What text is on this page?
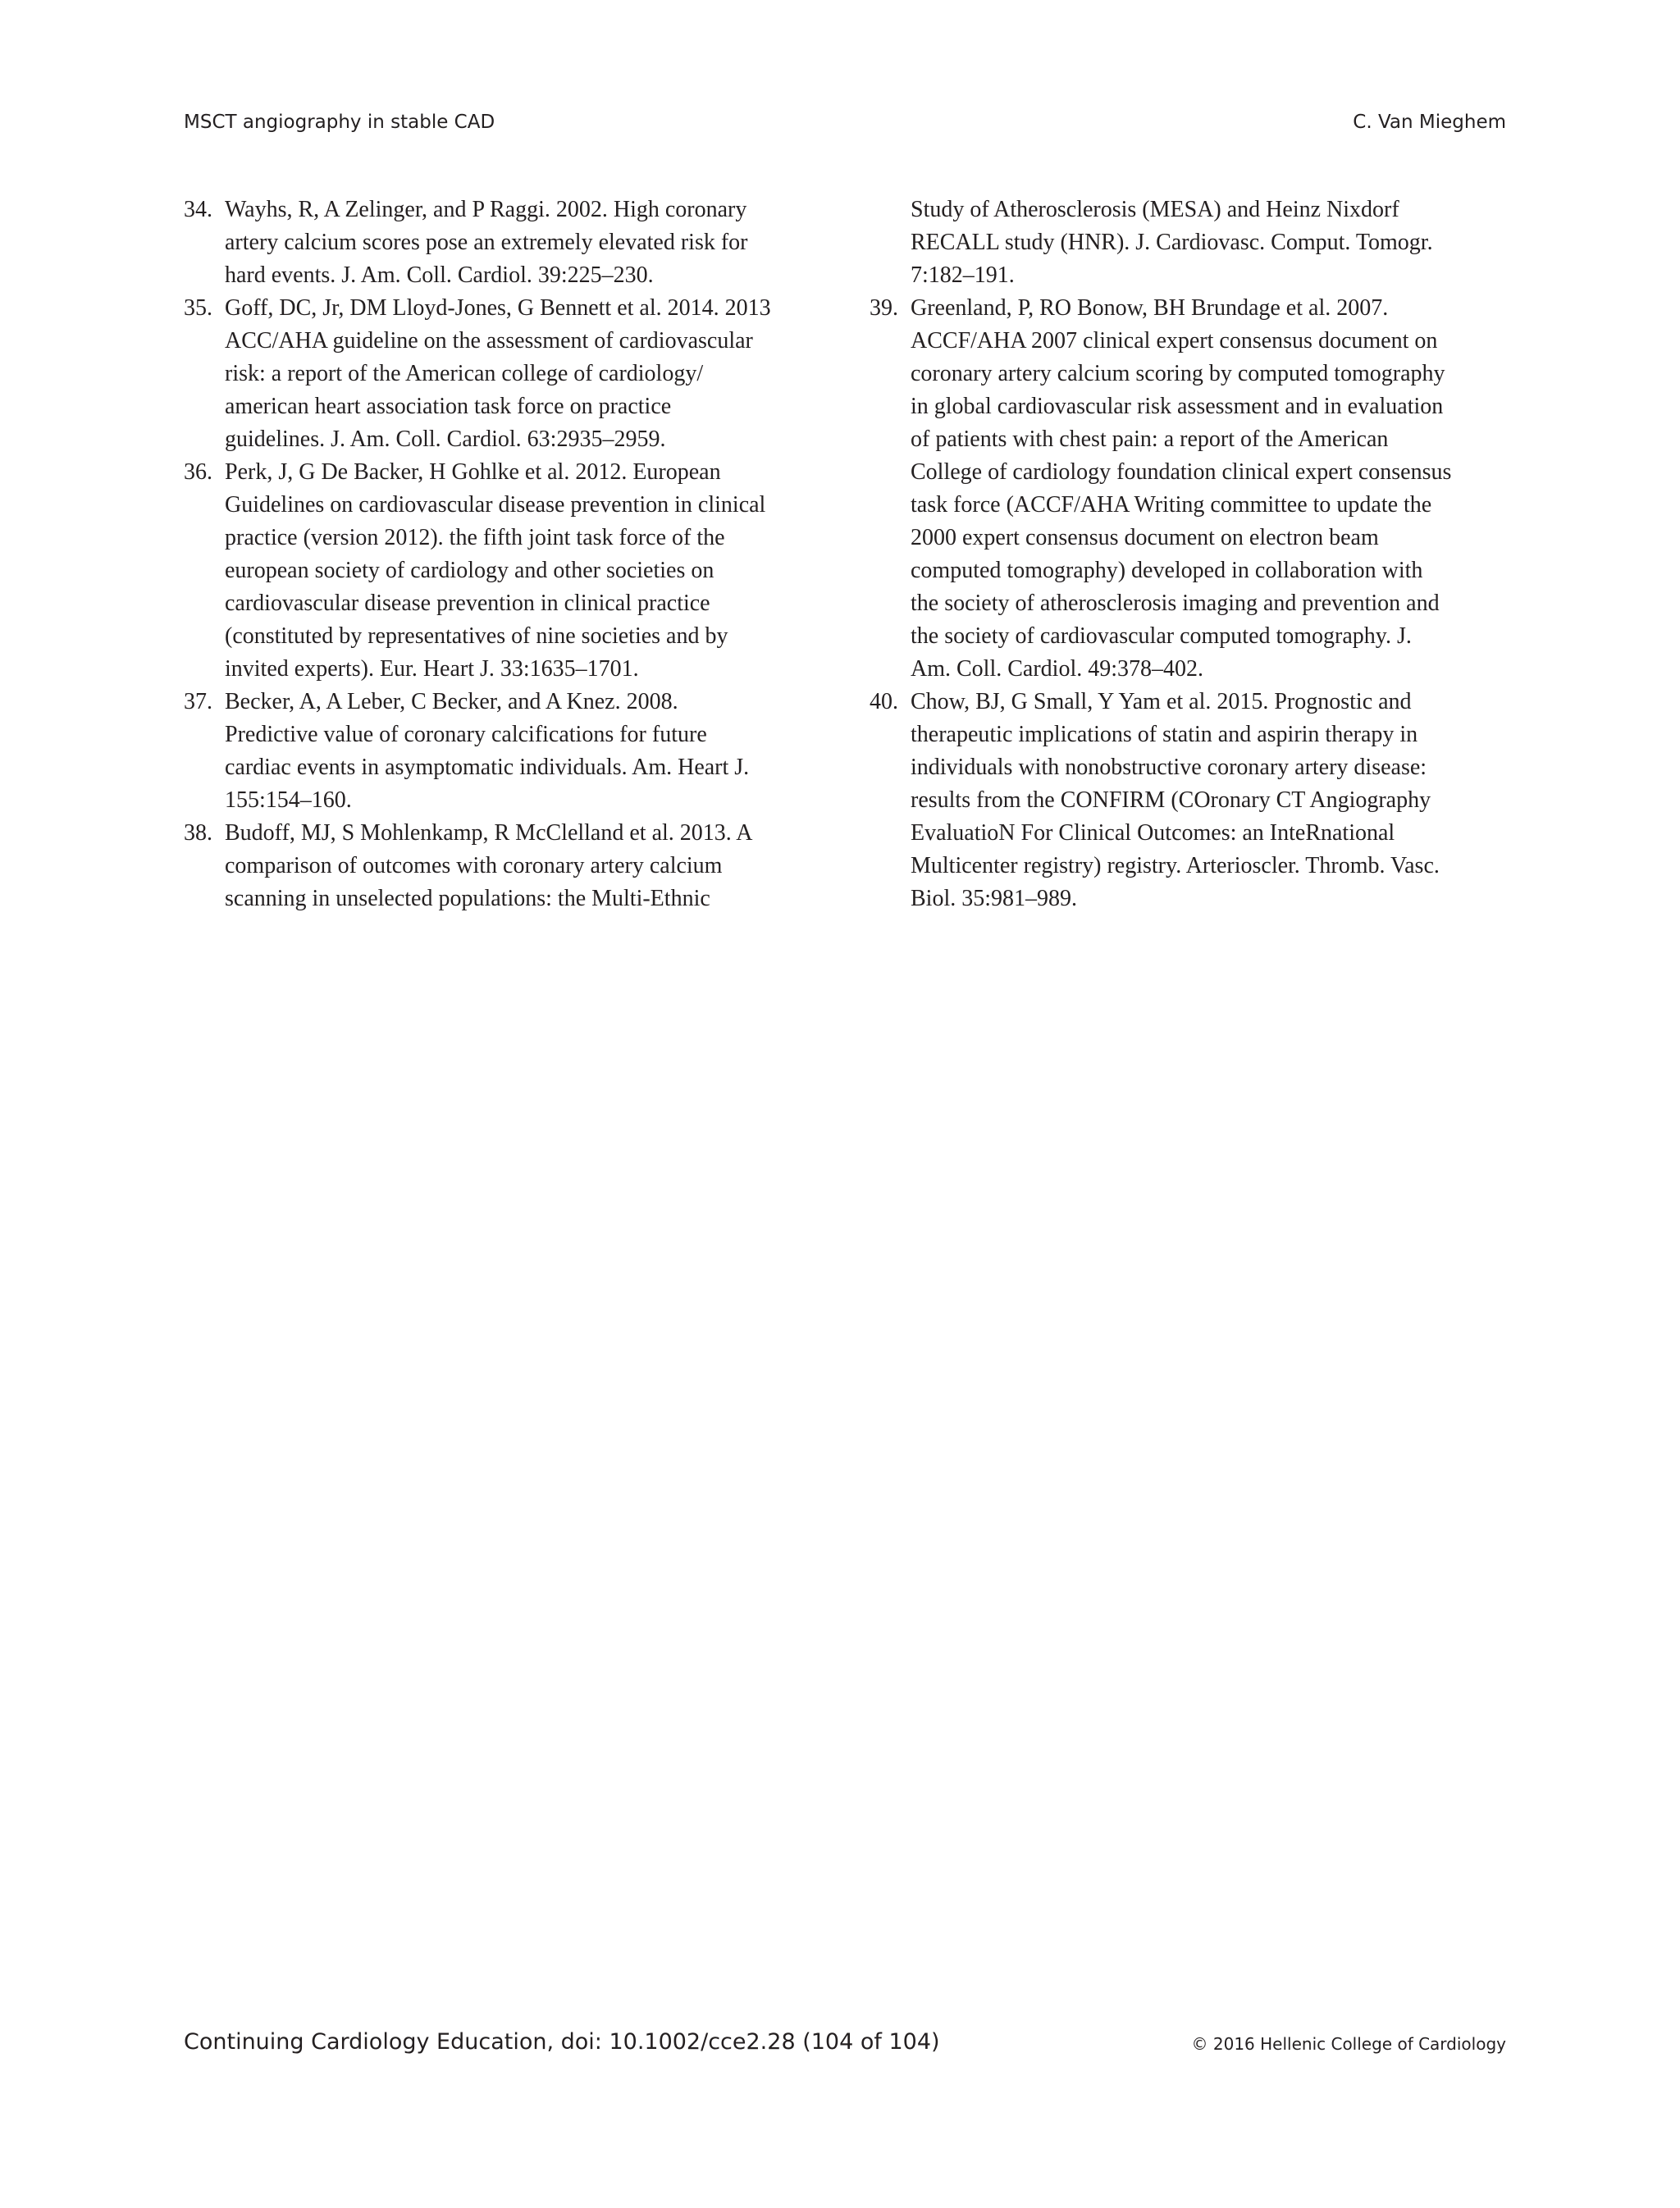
MSCT angiography in stable CAD	C. Van Mieghem
34. Wayhs, R, A Zelinger, and P Raggi. 2002. High coronary
artery calcium scores pose an extremely elevated risk for
hard events. J. Am. Coll. Cardiol. 39:225–230.
35. Goff, DC, Jr, DM Lloyd-Jones, G Bennett et al. 2014. 2013
ACC/AHA guideline on the assessment of cardiovascular
risk: a report of the American college of cardiology/
american heart association task force on practice
guidelines. J. Am. Coll. Cardiol. 63:2935–2959.
36. Perk, J, G De Backer, H Gohlke et al. 2012. European
Guidelines on cardiovascular disease prevention in clinical
practice (version 2012). the fifth joint task force of the
european society of cardiology and other societies on
cardiovascular disease prevention in clinical practice
(constituted by representatives of nine societies and by
invited experts). Eur. Heart J. 33:1635–1701.
37. Becker, A, A Leber, C Becker, and A Knez. 2008.
Predictive value of coronary calcifications for future
cardiac events in asymptomatic individuals. Am. Heart J.
155:154–160.
38. Budoff, MJ, S Mohlenkamp, R McClelland et al. 2013. A
comparison of outcomes with coronary artery calcium
scanning in unselected populations: the Multi-Ethnic
Study of Atherosclerosis (MESA) and Heinz Nixdorf
RECALL study (HNR). J. Cardiovasc. Comput. Tomogr.
7:182–191.
39. Greenland, P, RO Bonow, BH Brundage et al. 2007.
ACCF/AHA 2007 clinical expert consensus document on
coronary artery calcium scoring by computed tomography
in global cardiovascular risk assessment and in evaluation
of patients with chest pain: a report of the American
College of cardiology foundation clinical expert consensus
task force (ACCF/AHA Writing committee to update the
2000 expert consensus document on electron beam
computed tomography) developed in collaboration with
the society of atherosclerosis imaging and prevention and
the society of cardiovascular computed tomography. J.
Am. Coll. Cardiol. 49:378–402.
40. Chow, BJ, G Small, Y Yam et al. 2015. Prognostic and
therapeutic implications of statin and aspirin therapy in
individuals with nonobstructive coronary artery disease:
results from the CONFIRM (COronary CT Angiography
EvaluatioN For Clinical Outcomes: an InteRnational
Multicenter registry) registry. Arterioscler. Thromb. Vasc.
Biol. 35:981–989.
Continuing Cardiology Education, doi: 10.1002/cce2.28 (104 of 104)	© 2016 Hellenic College of Cardiology
